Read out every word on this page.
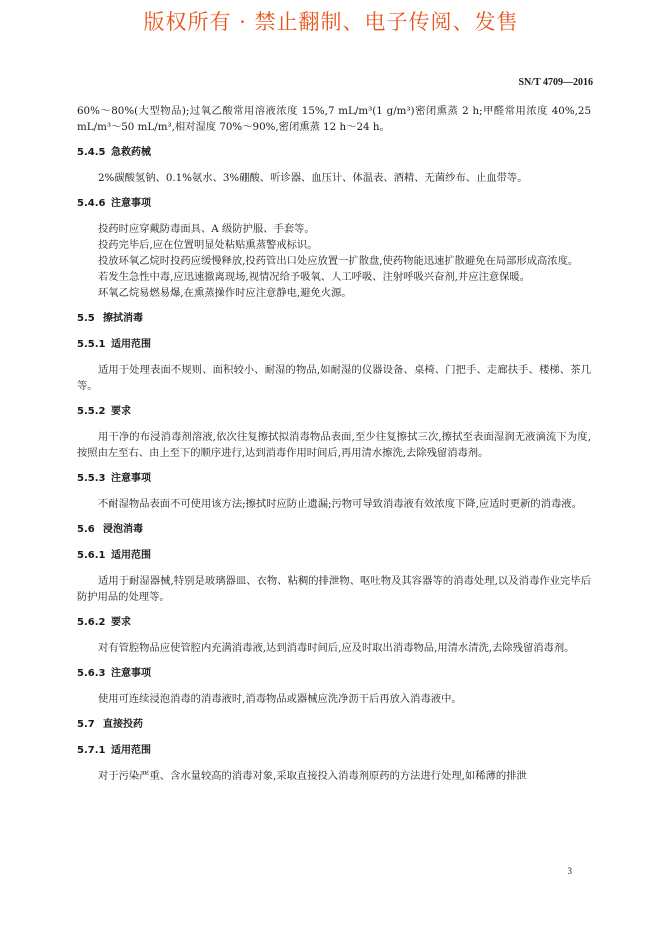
版权所有 · 禁止翻制、电子传阅、发售
SN/T 4709—2016

60%～80%(大型物品);过氧乙酸常用溶液浓度 15%,7 mL/m³(1 g/m³)密闭熏蒸 2 h;甲醛常用浓度 40%,25 mL/m³～50 mL/m³,相对湿度 70%～90%,密闭熏蒸 12 h～24 h。

5.4.5 急救药械

2%碳酸氢钠、0.1%氨水、3%硼酸、听诊器、血压计、体温表、酒精、无菌纱布、止血带等。

5.4.6 注意事项

投药时应穿戴防毒面具、A 级防护服、手套等。

投药完毕后,应在位置明显处粘贴熏蒸警戒标识。

投放环氧乙烷时投药应缓慢释放,投药管出口处应放置一扩散盘,使药物能迅速扩散避免在局部形成高浓度。

若发生急性中毒,应迅速撤离现场,视情况给予吸氧、人工呼吸、注射呼吸兴奋剂,并应注意保暖。

环氧乙烷易燃易爆,在熏蒸操作时应注意静电,避免火源。

5.5 擦拭消毒
5.5.1 适用范围

适用于处理表面不规则、面积较小、耐湿的物品,如耐湿的仪器设备、桌椅、门把手、走廊扶手、楼梯、茶几等。

5.5.2 要求

用干净的布浸消毒剂溶液,依次往复擦拭拟消毒物品表面,至少往复擦拭三次,擦拭至表面湿润无液滴流下为度,按照由左至右、由上至下的顺序进行,达到消毒作用时间后,再用清水擦洗,去除残留消毒剂。

5.5.3 注意事项

不耐湿物品表面不可使用该方法;擦拭时应防止遗漏;污物可导致消毒液有效浓度下降,应适时更新的消毒液。

5.6 浸泡消毒
5.6.1 适用范围

适用于耐湿器械,特别是玻璃器皿、衣物、粘稠的排泄物、呕吐物及其容器等的消毒处理,以及消毒作业完毕后防护用品的处理等。

5.6.2 要求

对有管腔物品应使管腔内充满消毒液,达到消毒时间后,应及时取出消毒物品,用清水清洗,去除残留消毒剂。

5.6.3 注意事项

使用可连续浸泡消毒的消毒液时,消毒物品或器械应洗净沥干后再放入消毒液中。

5.7 直接投药
5.7.1 适用范围

对于污染严重、含水量较高的消毒对象,采取直接投入消毒剂原药的方法进行处理,如稀薄的排泄

3
